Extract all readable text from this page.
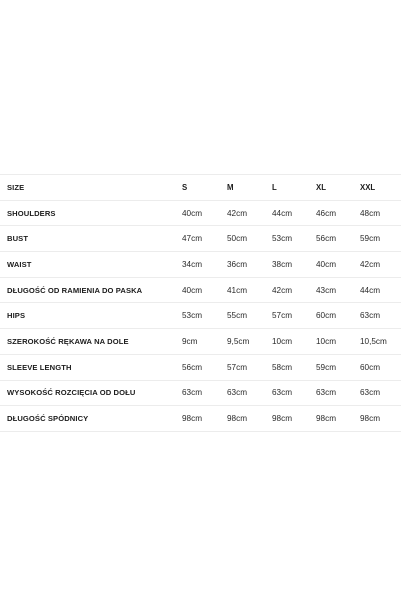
SIZE	S	M	L	XL	XXL
SHOULDERS	40cm	42cm	44cm	46cm	48cm
BUST	47cm	50cm	53cm	56cm	59cm
WAIST	34cm	36cm	38cm	40cm	42cm
DŁUGOŚĆ OD RAMIENIA DO PASKA	40cm	41cm	42cm	43cm	44cm
HIPS	53cm	55cm	57cm	60cm	63cm
SZEROKOŚĆ RĘKAWA NA DOLE	9cm	9,5cm	10cm	10cm	10,5cm
SLEEVE LENGTH	56cm	57cm	58cm	59cm	60cm
WYSOKOŚĆ ROZCIĘCIA OD DOŁU	63cm	63cm	63cm	63cm	63cm
DŁUGOŚĆ SPÓDNICY	98cm	98cm	98cm	98cm	98cm
